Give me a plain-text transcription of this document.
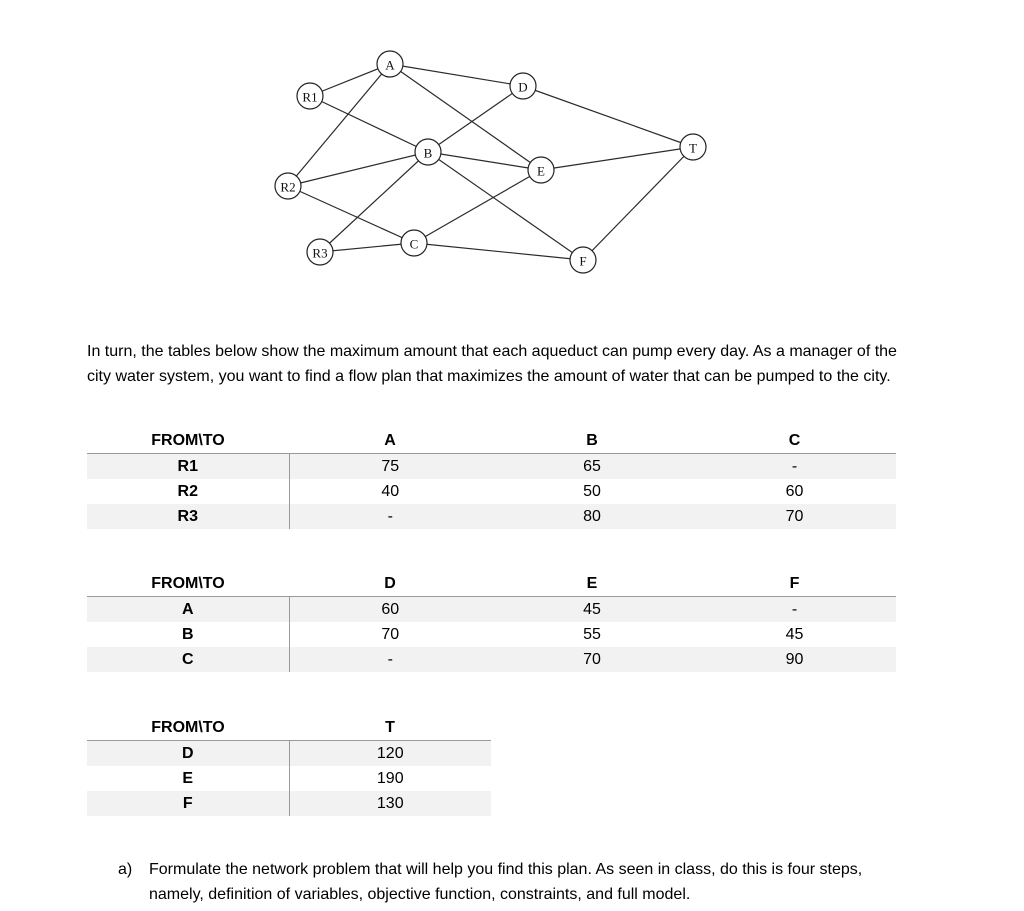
A
D
R1
B	T
E
R2
C
R3
F
In turn, the tables below show the maximum amount that each aqueduct can pump every day. As a manager of the city water system, you want to find a flow plan that maximizes the amount of water that can be pumped to the city.
FROM\TO	A	B	C
R1	75	65	-
R2	40	50	60
R3	-	80	70
FROM\TO	D	E	F
A	60	45	-
B	70	55	45
C	-	70	90
FROM\TO	T
D	120
E	190
F	130
a) Formulate the network problem that will help you find this plan. As seen in class, do this is four steps, namely, definition of variables, objective function, constraints, and full model.
